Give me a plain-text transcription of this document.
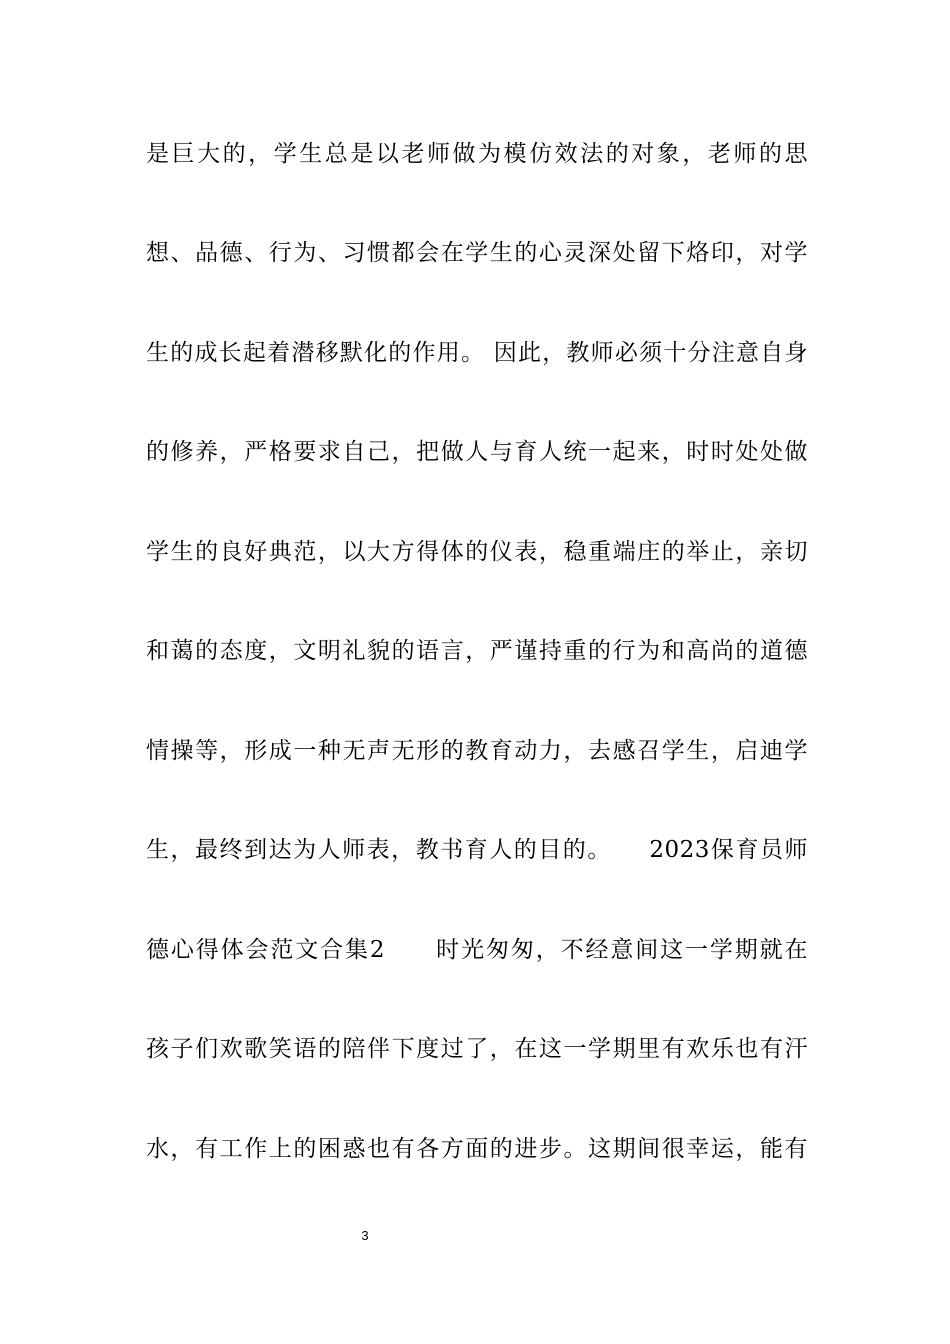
是巨大的，学生总是以老师做为模仿效法的对象，老师的思
想、品德、行为、习惯都会在学生的心灵深处留下烙印，对学
生的成长起着潜移默化的作用。 因此，教师必须十分注意自身
的修养，严格要求自己，把做人与育人统一起来，时时处处做
学生的良好典范，以大方得体的仪表，稳重端庄的举止，亲切
和蔼的态度，文明礼貌的语言，严谨持重的行为和高尚的道德
情操等，形成一种无声无形的教育动力，去感召学生，启迪学
生，最终到达为人师表，教书育人的目的。　　2023保育员师
德心得体会范文合集2　　时光匆匆，不经意间这一学期就在
孩子们欢歌笑语的陪伴下度过了，在这一学期里有欢乐也有汗
水，有工作上的困惑也有各方面的进步。这期间很幸运，能有
3
